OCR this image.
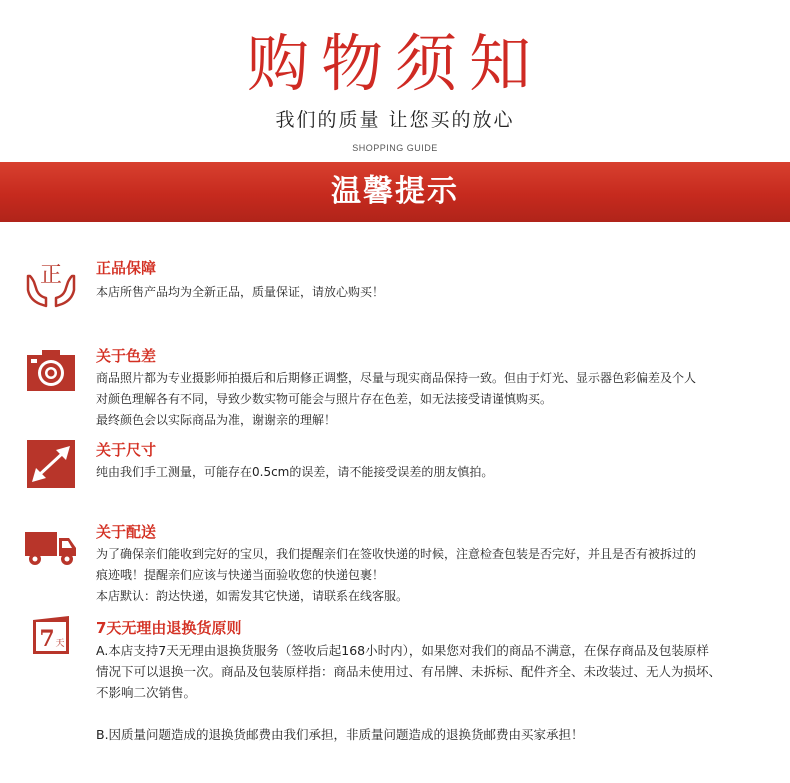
购物须知
我们的质量 让您买的放心
SHOPPING GUIDE
温馨提示
正 正品保障
本店所售产品均为全新正品，质量保证，请放心购买！
关于色差
商品照片都为专业摄影师拍摄后和后期修正调整，尽量与现实商品保持一致。但由于灯光、显示器色彩偏差及个人
对颜色理解各有不同，导致少数实物可能会与照片存在色差，如无法接受请谨慎购买。
最终颜色会以实际商品为准，谢谢亲的理解！
关于尺寸
纯由我们手工测量，可能存在0.5cm的误差，请不能接受误差的朋友慎拍。
关于配送
为了确保亲们能收到完好的宝贝，我们提醒亲们在签收快递的时候，注意检查包装是否完好，并且是否有被拆过的
痕迹哦！提醒亲们应该与快递当面验收您的快递包裹！
本店默认：韵达快递，如需发其它快递，请联系在线客服。
7 天
7天无理由退换货原则
A.本店支持7天无理由退换货服务（签收后起168小时内），如果您对我们的商品不满意，在保存商品及包装原样
情况下可以退换一次。商品及包装原样指：商品未使用过、有吊牌、未拆标、配件齐全、未改装过、无人为损坏、
不影响二次销售。
B.因质量问题造成的退换货邮费由我们承担，非质量问题造成的退换货邮费由买家承担！
